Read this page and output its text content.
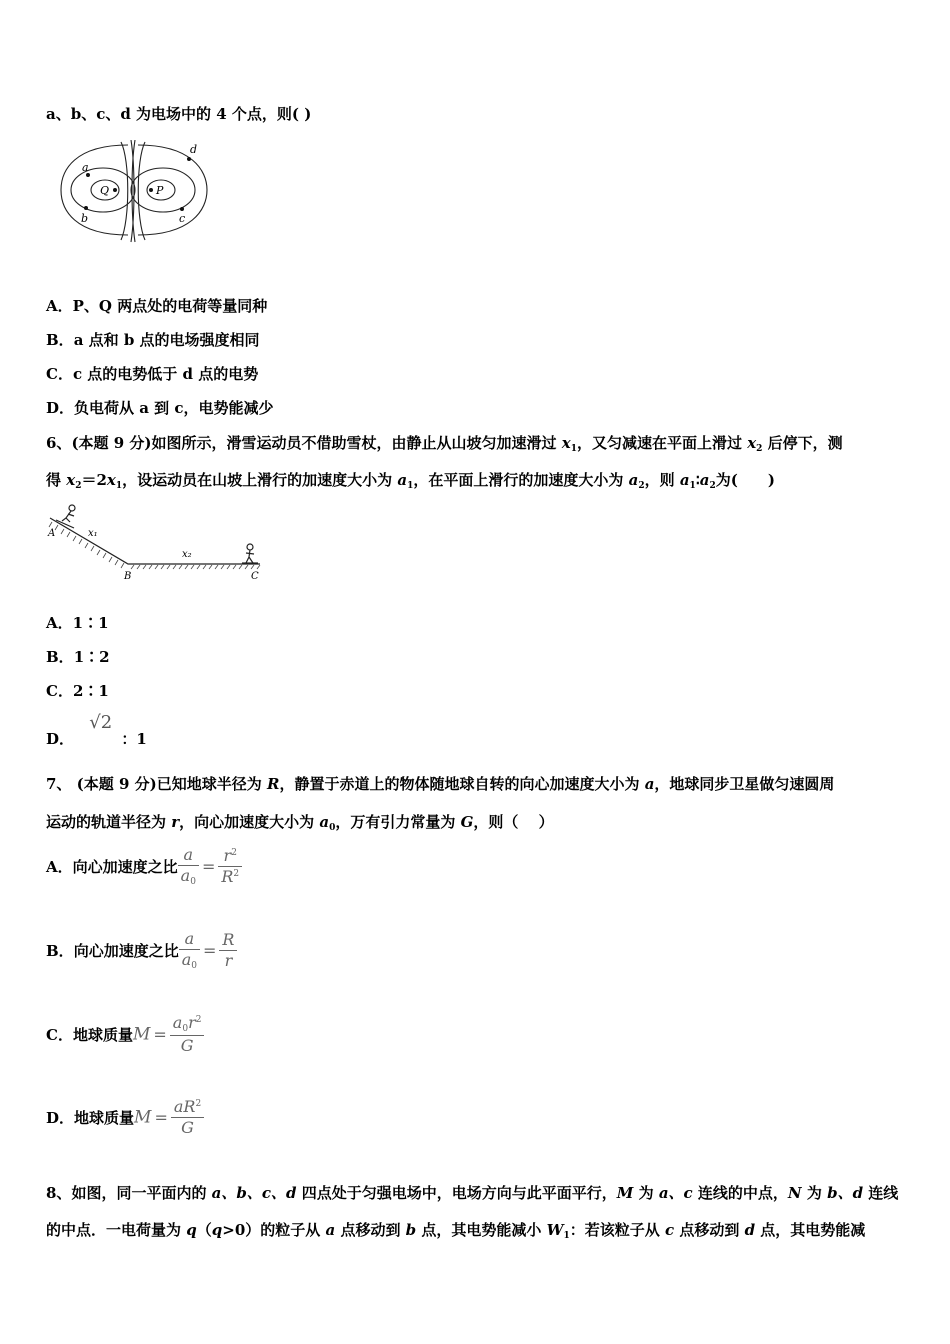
a、b、c、d 为电场中的 4 个点，则( )
a
b	c
d
Q	P
A．P、Q 两点处的电荷等量同种
B．a 点和 b 点的电场强度相同
C．c 点的电势低于 d 点的电势
D．负电荷从 a 到 c，电势能减少
6、(本题 9 分)如图所示，滑雪运动员不借助雪杖，由静止从山坡匀加速滑过 $x_1$，又匀减速在平面上滑过 $x_2$ 后停下，测
得 $x_2=2x_1$，设运动员在山坡上滑行的加速度大小为 $a_1$，在平面上滑行的加速度大小为 $a_2$，则 $a_1∶a_2$为(　　)
A
B	C
x₁
x₂
A．1∶1
B．1∶2
C．2∶1
D． √2 ：1
7、 (本题 9 分)已知地球半径为 R，静置于赤道上的物体随地球自转的向心加速度大小为 a，地球同步卫星做匀速圆周
运动的轨道半径为 r，向心加速度大小为 $a_0$，万有引力常量为 G，则（　 ）
A．向心加速度之比 $\frac{a}{a0} = \frac{r^2}{R^2}$
B．向心加速度之比 $\frac{a}{a0} = \frac{R}{r}$
C．地球质量$M = \frac{a0r^2}{G}$
D．地球质量$M = \frac{aR^2}{G}$
8、如图，同一平面内的 a、b、c、d 四点处于匀强电场中，电场方向与此平面平行，M 为 a、c 连线的中点，N 为 b、d 连线
的中点．一电荷量为 q（q>0）的粒子从 a 点移动到 b 点，其电势能减小 $W_1$：若该粒子从 c 点移动到 d 点，其电势能减
